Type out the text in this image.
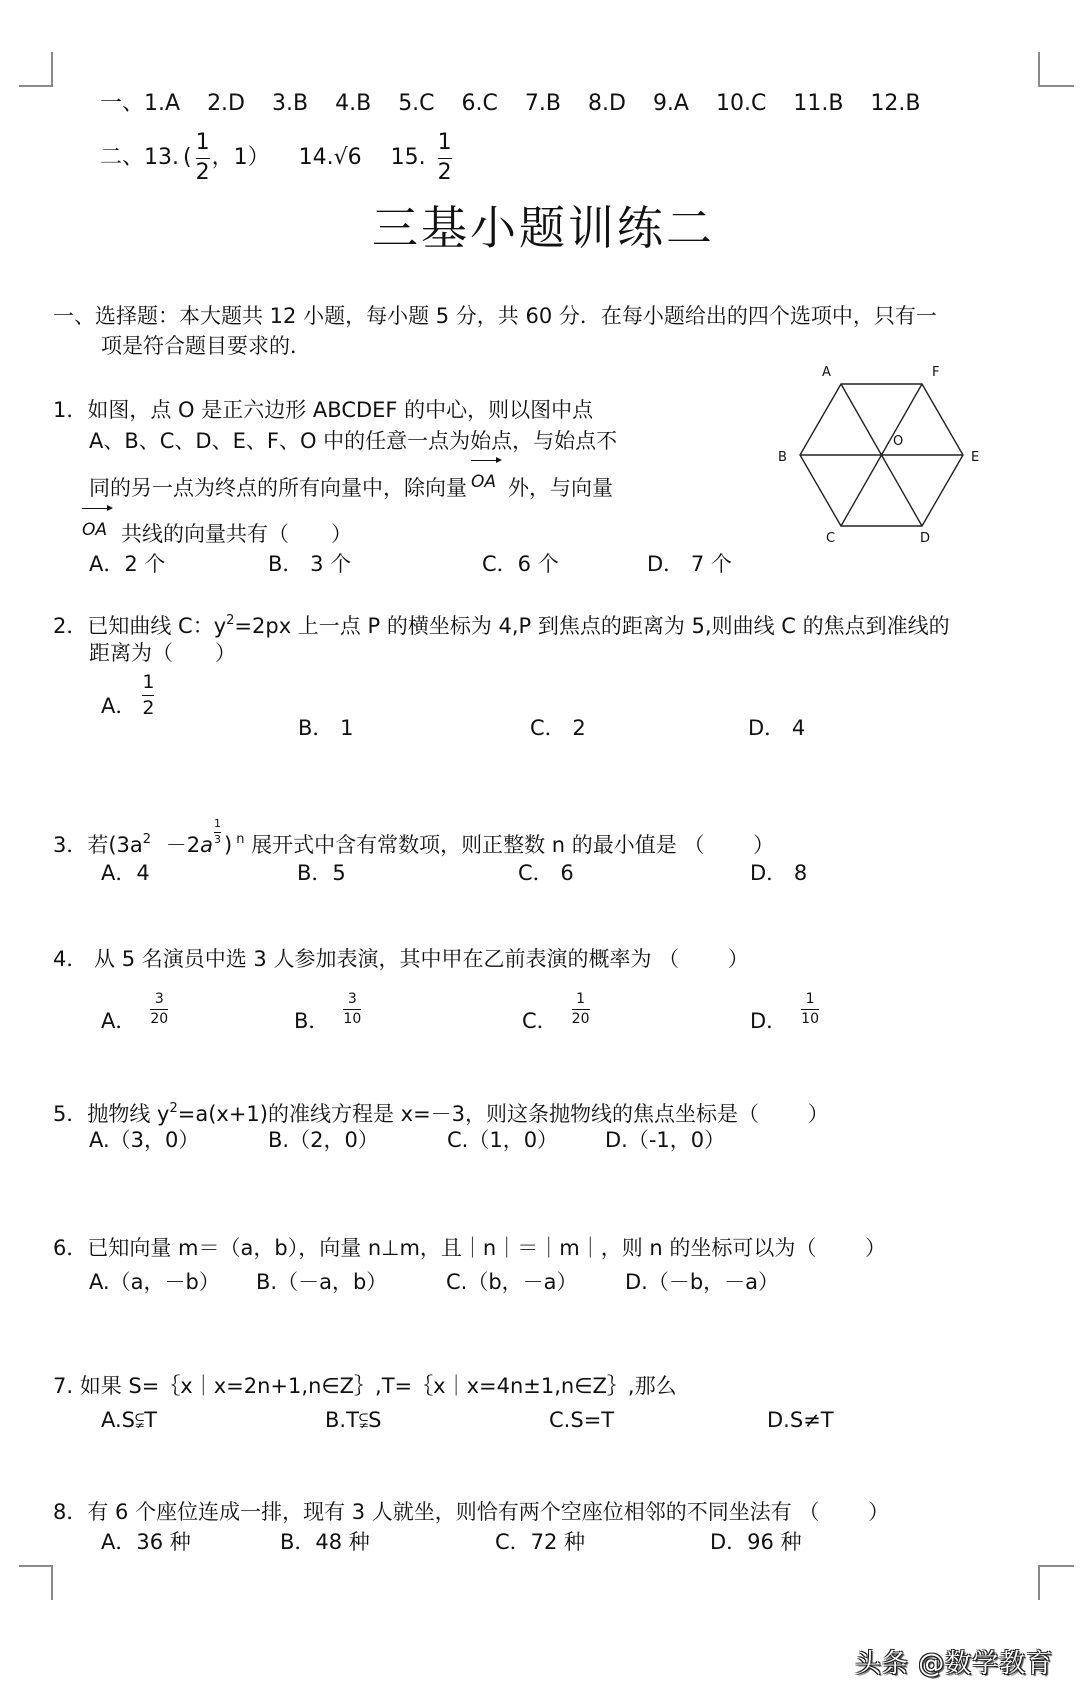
一、1.A 2.D 3.B 4.B 5.C 6.C 7.B 8.D 9.A 10.C 11.B 12.B
二、13. ( $\frac{1}{2}$ ，1） 14.√6 15. $\frac{1}{2}$
三基小题训练二
一、选择题：本大题共 12 小题，每小题 5 分，共 60 分．在每小题给出的四个选项中，只有一
项是符合题目要求的．
1．如图，点 O 是正六边形 ABCDEF 的中心，则以图中点
A、B、C、D、E、F、O 中的任意一点为始点，与始点不
同的另一点为终点的所有向量中，除向量 OA 外，与向量
OA 共线的向量共有（　　）
A．2 个	B． 3 个	C．6 个	D． 7 个
A	F
B	E
O
C	D
2．已知曲线 C：$y^2=2px$ 上一点 P 的横坐标为 4,P 到焦点的距离为 5,则曲线 C 的焦点到准线的
距离为（　　）
A． $\frac{1}{2}$
B． 1	C． 2	D． 4
3．若($3a^2 -2a \frac{1}{3}$ ) $^n$ 展开式中含有常数项，则正整数 n 的最小值是 （　　 ）
A．4	B．5	C． 6	D． 8
4． 从 5 名演员中选 3 人参加表演，其中甲在乙前表演的概率为 （　　 ）
A． $\frac{3}{20}$	B． $\frac{3}{10}$	C． $\frac{1}{20}$	D． $\frac{1}{10}$
5．抛物线 $y^2=a(x+1)$的准线方程是 x=－3，则这条抛物线的焦点坐标是（　　 ）
A.（3，0）	B.（2，0）	C.（1，0） D.（-1，0）
6．已知向量 m＝（a，b），向量 n⊥m，且｜n｜＝｜m｜，则 n 的坐标可以为（　　 ）
A.（a，－b） B.（－a，b）	C.（b，－a） D.（－b，－a）
7. 如果 S=｛x｜x=2n+1,n∈Z｝,T=｛x｜x=4n±1,n∈Z｝,那么
A.S⫋T	B.T⫋S	C.S=T	D.S≠T
8．有 6 个座位连成一排，现有 3 人就坐，则恰有两个空座位相邻的不同坐法有 （　　 ）
A．36 种	B．48 种	C．72 种	D．96 种
头条 @数学教育
